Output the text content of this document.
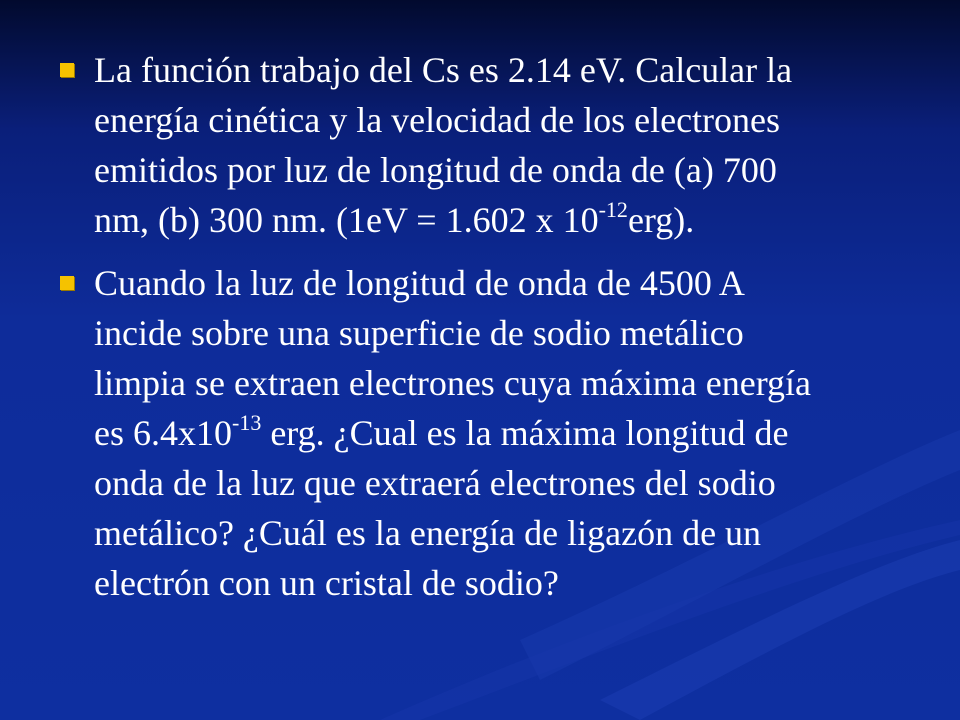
La función trabajo del Cs es 2.14 eV. Calcular la
energía cinética y la velocidad de los electrones
emitidos por luz de longitud de onda de (a) 700
nm, (b) 300 nm. (1eV = 1.602 x $10^{-12}erg$).
Cuando la luz de longitud de onda de 4500 A
incide sobre una superficie de sodio metálico
limpia se extraen electrones cuya máxima energía
es $6.4x10^{-13}$ erg. ¿Cual es la máxima longitud de
onda de la luz que extraerá electrones del sodio
metálico? ¿Cuál es la energía de ligazón de un
electrón con un cristal de sodio?
